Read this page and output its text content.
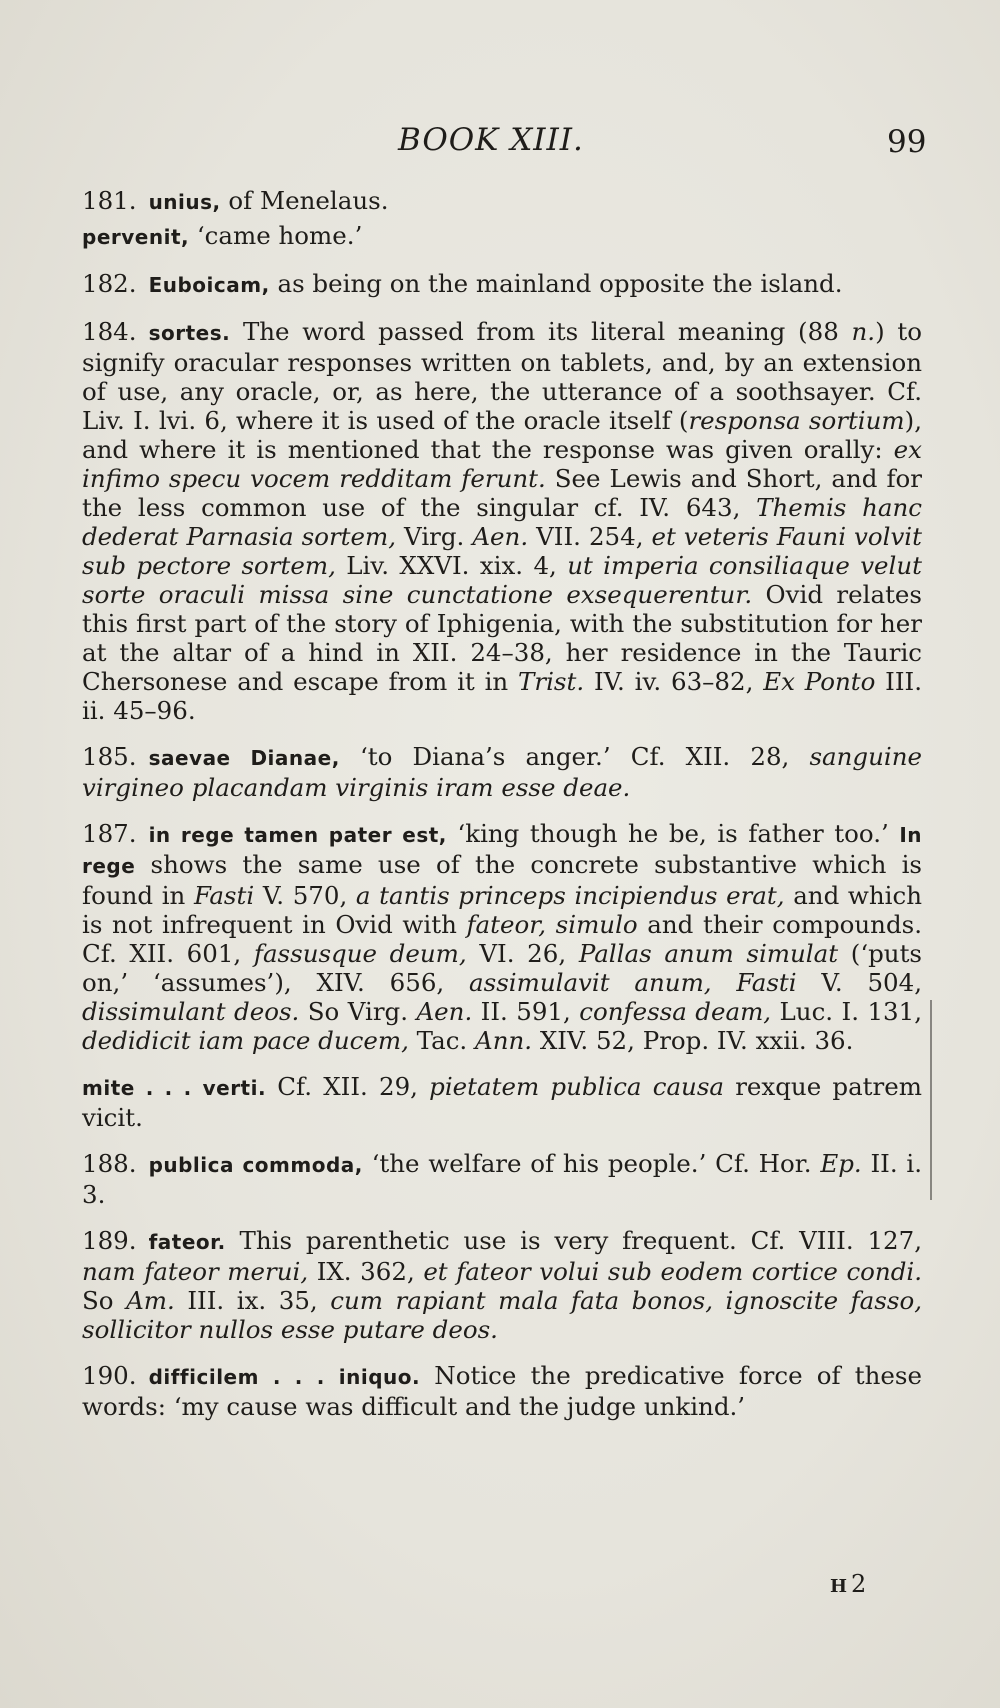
BOOK XIII.	99

181. unius, of Menelaus.

pervenit, ‘came home.’

182. Euboicam, as being on the mainland opposite the island.

184. sortes. The word passed from its literal meaning (88 n.) to signify oracular responses written on tablets, and, by an extension of use, any oracle, or, as here, the utterance of a soothsayer. Cf. Liv. I. lvi. 6, where it is used of the oracle itself (responsa sortium), and where it is mentioned that the response was given orally: ex infimo specu vocem redditam ferunt. See Lewis and Short, and for the less common use of the singular cf. IV. 643, Themis hanc dederat Parnasia sortem, Virg. Aen. VII. 254, et veteris Fauni volvit sub pectore sortem, Liv. XXVI. xix. 4, ut imperia consiliaque velut sorte oraculi missa sine cunctatione exsequerentur. Ovid relates this first part of the story of Iphigenia, with the substitution for her at the altar of a hind in XII. 24–38, her residence in the Tauric Chersonese and escape from it in Trist. IV. iv. 63–82, Ex Ponto III. ii. 45–96.

185. saevae Dianae, ‘to Diana’s anger.’ Cf. XII. 28, sanguine virgineo placandam virginis iram esse deae.

187. in rege tamen pater est, ‘king though he be, is father too.’ In rege shows the same use of the concrete substantive which is found in Fasti V. 570, a tantis princeps incipiendus erat, and which is not infrequent in Ovid with fateor, simulo and their compounds. Cf. XII. 601, fassusque deum, VI. 26, Pallas anum simulat (‘puts on,’ ‘assumes’), XIV. 656, assimulavit anum, Fasti V. 504, dissimulant deos. So Virg. Aen. II. 591, confessa deam, Luc. I. 131, dedidicit iam pace ducem, Tac. Ann. XIV. 52, Prop. IV. xxii. 36.

mite . . . verti. Cf. XII. 29, pietatem publica causa rexque patrem vicit.

188. publica commoda, ‘the welfare of his people.’ Cf. Hor. Ep. II. i. 3.

189. fateor. This parenthetic use is very frequent. Cf. VIII. 127, nam fateor merui, IX. 362, et fateor volui sub eodem cortice condi. So Am. III. ix. 35, cum rapiant mala fata bonos, ignoscite fasso, sollicitor nullos esse putare deos.

190. difficilem . . . iniquo. Notice the predicative force of these words: ‘my cause was difficult and the judge unkind.’

H 2
